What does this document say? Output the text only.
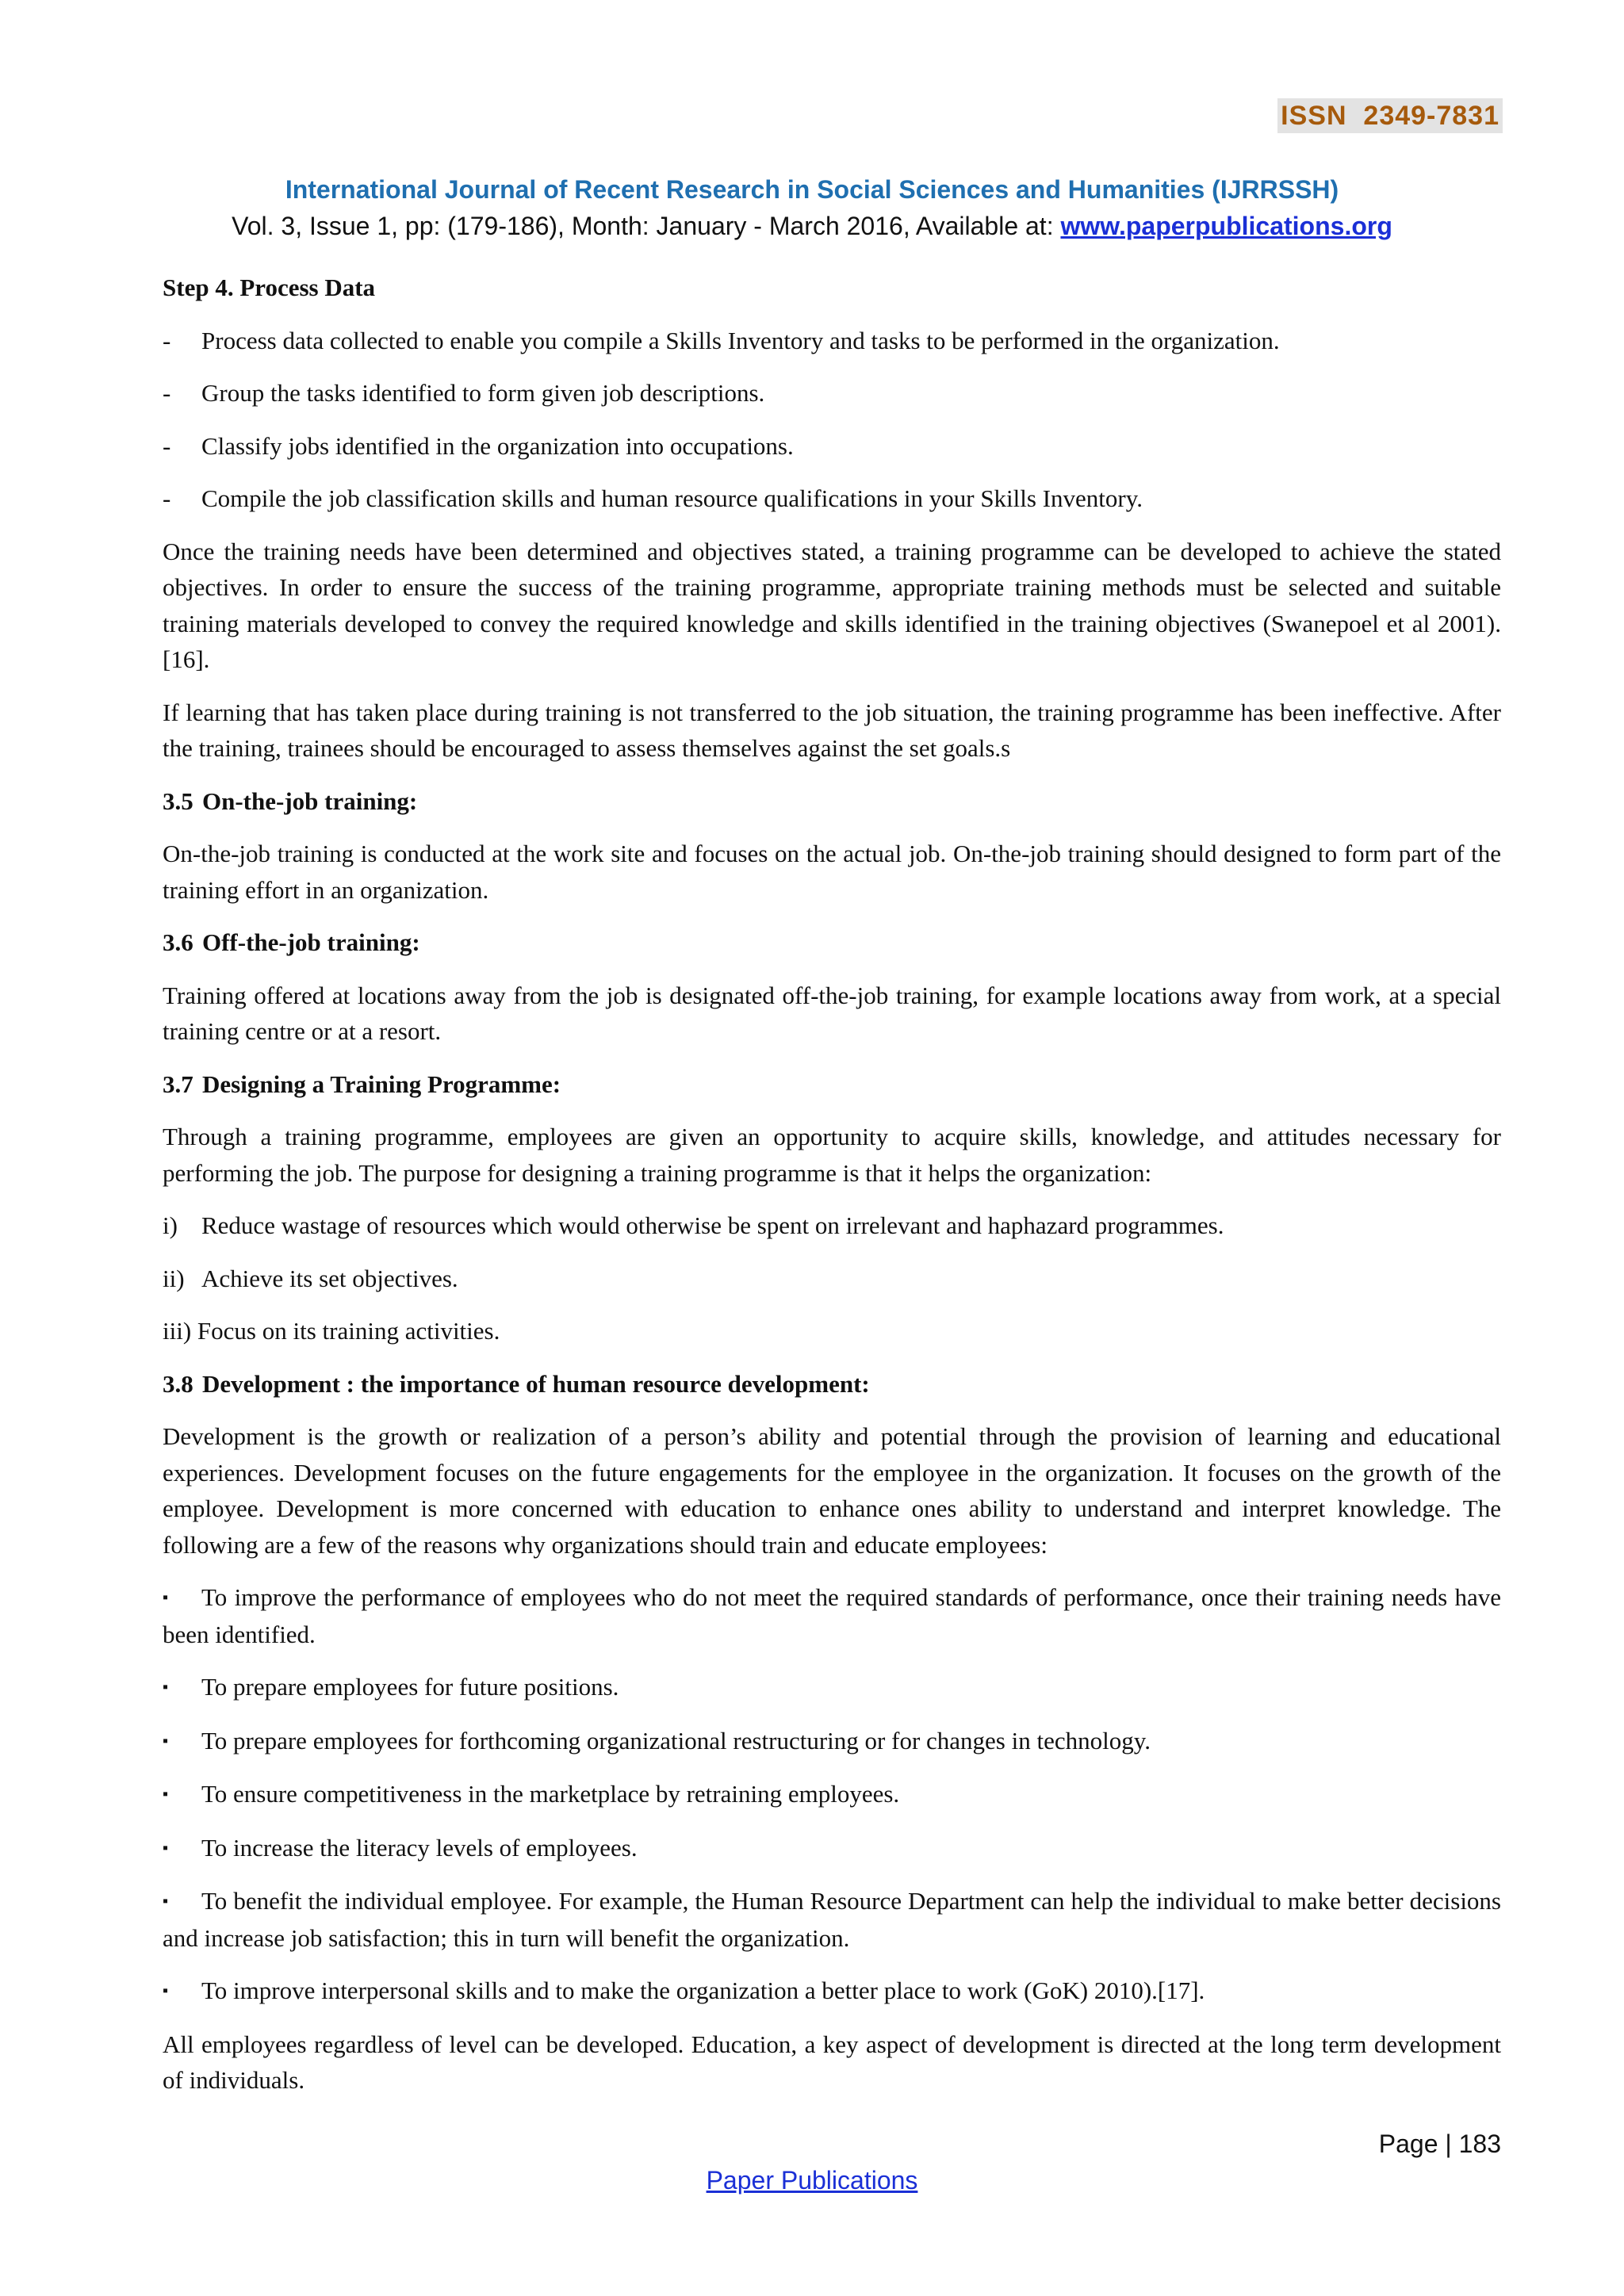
ISSN  2349-7831
International Journal of Recent Research in Social Sciences and Humanities (IJRRSSH)
Vol. 3, Issue 1, pp: (179-186), Month: January - March 2016, Available at: www.paperpublications.org
Step 4. Process Data
-	Process data collected to enable you compile a Skills Inventory and tasks to be performed in the organization.
-	Group the tasks identified to form given job descriptions.
-	Classify jobs identified in the organization into occupations.
-	Compile the job classification skills and human resource qualifications in your Skills Inventory.

Once the training needs have been determined and objectives stated, a training programme can be developed to achieve the stated objectives. In order to ensure the success of the training programme, appropriate training methods must be selected and suitable training materials developed to convey the required knowledge and skills identified in the training objectives (Swanepoel et al 2001).[16].

If learning that has taken place during training is not transferred to the job situation, the training programme has been ineffective. After the training, trainees should be encouraged to assess themselves against the set goals.s

3.5 On-the-job training:

On-the-job training is conducted at the work site and focuses on the actual job. On-the-job training should designed to form part of the training effort in an organization.

3.6 Off-the-job training:

Training offered at locations away from the job is designated off-the-job training, for example locations away from work, at a special training centre or at a resort.

3.7 Designing a Training Programme:

Through a training programme, employees are given an opportunity to acquire skills, knowledge, and attitudes necessary for performing the job. The purpose for designing a training programme is that it helps the organization:

i) Reduce wastage of resources which would otherwise be spent on irrelevant and haphazard programmes.
ii) Achieve its set objectives.
iii) Focus on its training activities.
3.8 Development : the importance of human resource development:

Development is the growth or realization of a person’s ability and potential through the provision of learning and educational experiences. Development focuses on the future engagements for the employee in the organization. It focuses on the growth of the employee. Development is more concerned with education to enhance ones ability to understand and interpret knowledge. The following are a few of the reasons why organizations should train and educate employees:

▪ To improve the performance of employees who do not meet the required standards of performance, once their training needs have been identified.
▪ To prepare employees for future positions.
▪ To prepare employees for forthcoming organizational restructuring or for changes in technology.
▪ To ensure competitiveness in the marketplace by retraining employees.
▪ To increase the literacy levels of employees.
▪ To benefit the individual employee. For example, the Human Resource Department can help the individual to make better decisions and increase job satisfaction; this in turn will benefit the organization.
▪ To improve interpersonal skills and to make the organization a better place to work (GoK) 2010).[17].

All employees regardless of level can be developed. Education, a key aspect of development is directed at the long term development of individuals.

Page | 183
Paper Publications
